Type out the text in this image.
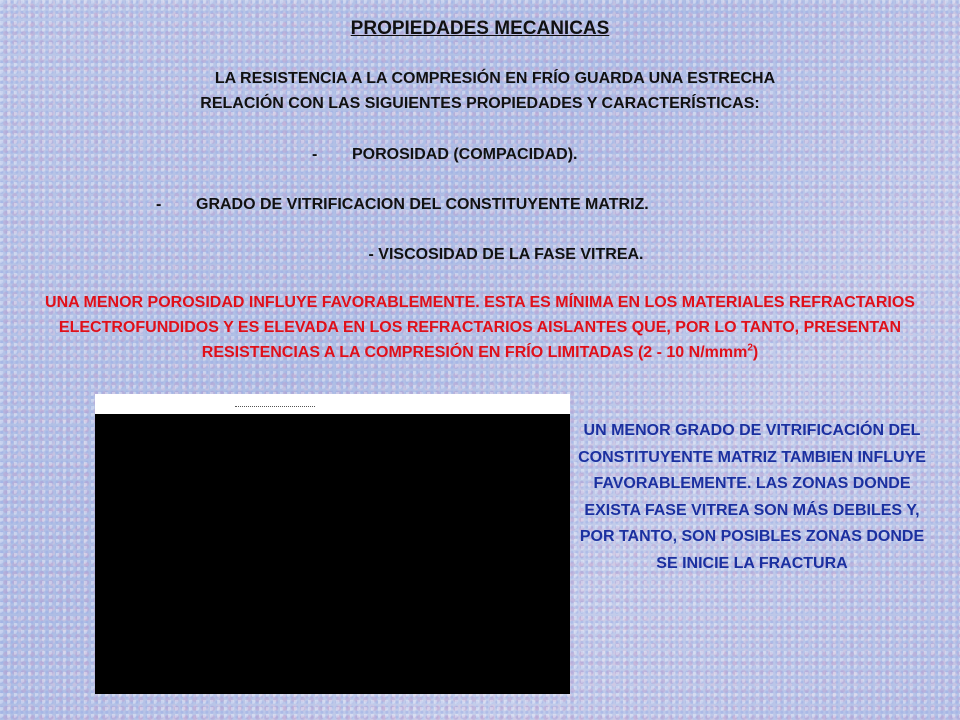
PROPIEDADES MECANICAS
LA RESISTENCIA A LA COMPRESIÓN EN FRÍO GUARDA UNA ESTRECHA
RELACIÓN CON LAS SIGUIENTES PROPIEDADES Y CARACTERÍSTICAS:
- POROSIDAD (COMPACIDAD).
- GRADO DE VITRIFICACION DEL CONSTITUYENTE MATRIZ.
- VISCOSIDAD DE LA FASE VITREA.
UNA MENOR POROSIDAD INFLUYE FAVORABLEMENTE. ESTA ES MÍNIMA EN LOS MATERIALES REFRACTARIOS ELECTROFUNDIDOS Y ES ELEVADA EN LOS REFRACTARIOS AISLANTES QUE, POR LO TANTO, PRESENTAN RESISTENCIAS A LA COMPRESIÓN EN FRÍO LIMITADAS (2 - 10 N/mmm$^2$)
UN MENOR GRADO DE VITRIFICACIÓN DEL CONSTITUYENTE MATRIZ TAMBIEN INFLUYE FAVORABLEMENTE. LAS ZONAS DONDE EXISTA FASE VITREA SON MÁS DEBILES Y, POR TANTO, SON POSIBLES ZONAS DONDE SE INICIE LA FRACTURA
